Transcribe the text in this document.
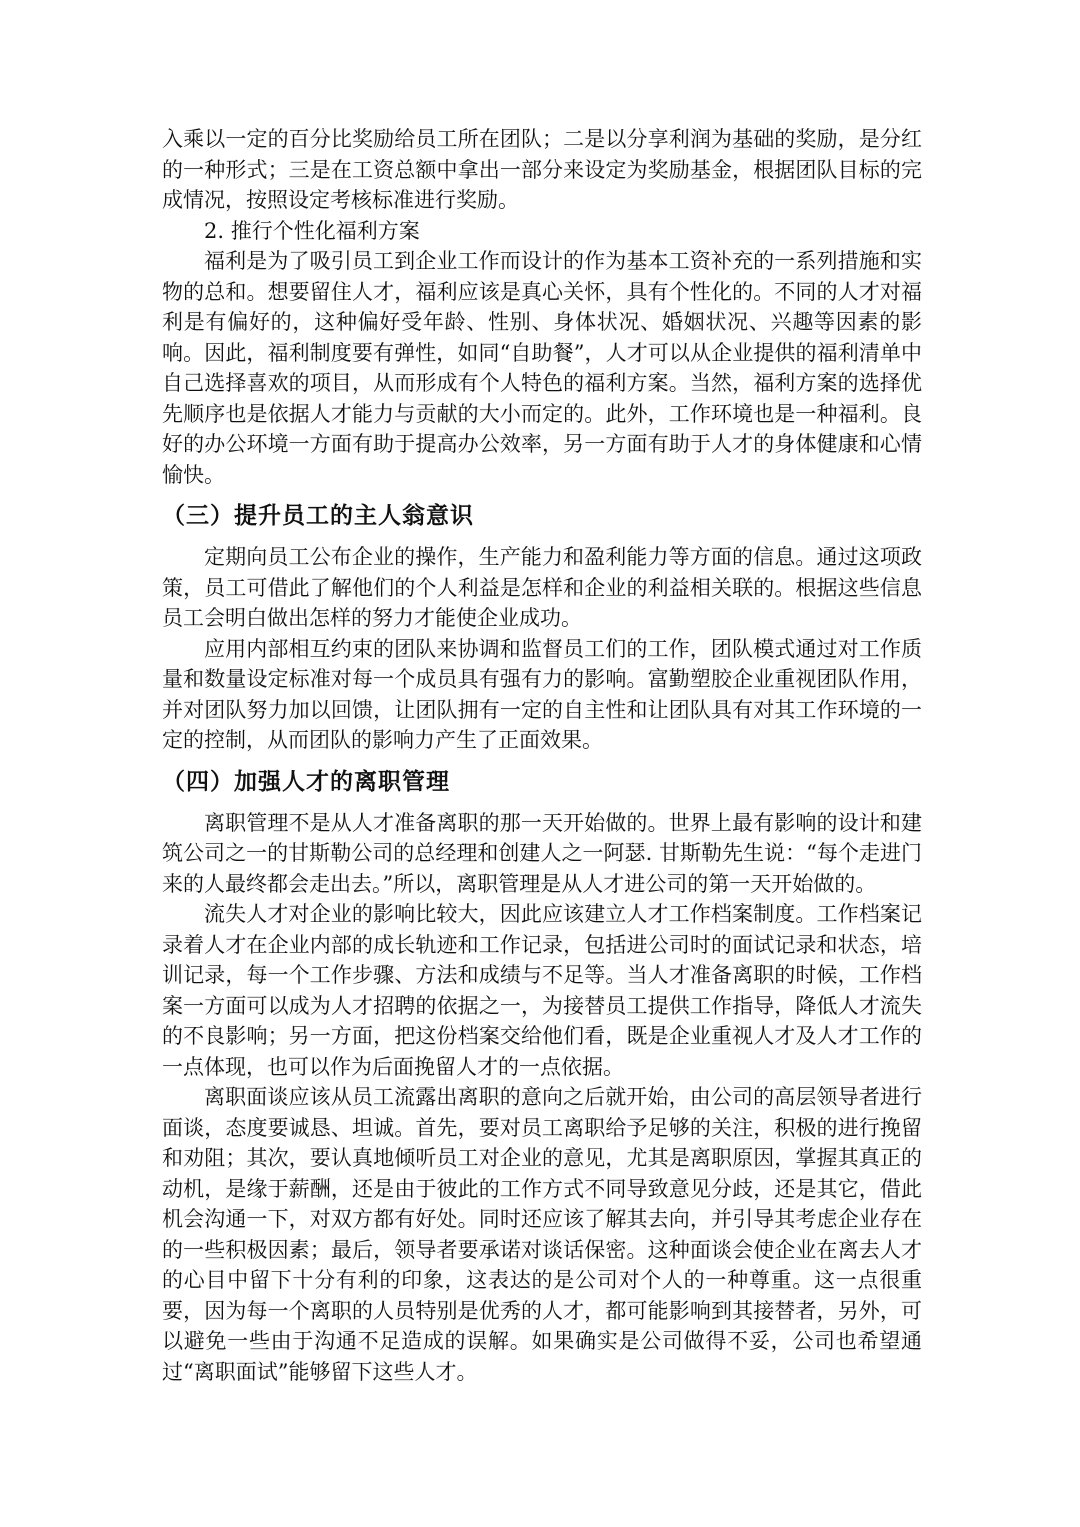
入乘以一定的百分比奖励给员工所在团队；二是以分享利润为基础的奖励，是分红的一种形式；三是在工资总额中拿出一部分来设定为奖励基金，根据团队目标的完成情况，按照设定考核标准进行奖励。

2. 推行个性化福利方案

福利是为了吸引员工到企业工作而设计的作为基本工资补充的一系列措施和实物的总和。想要留住人才，福利应该是真心关怀，具有个性化的。不同的人才对福利是有偏好的，这种偏好受年龄、性别、身体状况、婚姻状况、兴趣等因素的影响。因此，福利制度要有弹性，如同“自助餐”，人才可以从企业提供的福利清单中自己选择喜欢的项目，从而形成有个人特色的福利方案。当然，福利方案的选择优先顺序也是依据人才能力与贡献的大小而定的。此外，工作环境也是一种福利。良好的办公环境一方面有助于提高办公效率，另一方面有助于人才的身体健康和心情愉快。

（三）提升员工的主人翁意识

定期向员工公布企业的操作，生产能力和盈利能力等方面的信息。通过这项政策，员工可借此了解他们的个人利益是怎样和企业的利益相关联的。根据这些信息员工会明白做出怎样的努力才能使企业成功。

应用内部相互约束的团队来协调和监督员工们的工作，团队模式通过对工作质量和数量设定标准对每一个成员具有强有力的影响。富勤塑胶企业重视团队作用，并对团队努力加以回馈，让团队拥有一定的自主性和让团队具有对其工作环境的一定的控制，从而团队的影响力产生了正面效果。

（四）加强人才的离职管理

离职管理不是从人才准备离职的那一天开始做的。世界上最有影响的设计和建筑公司之一的甘斯勒公司的总经理和创建人之一阿瑟. 甘斯勒先生说：“每个走进门来的人最终都会走出去。”所以，离职管理是从人才进公司的第一天开始做的。

流失人才对企业的影响比较大，因此应该建立人才工作档案制度。工作档案记录着人才在企业内部的成长轨迹和工作记录，包括进公司时的面试记录和状态，培训记录，每一个工作步骤、方法和成绩与不足等。当人才准备离职的时候，工作档案一方面可以成为人才招聘的依据之一，为接替员工提供工作指导，降低人才流失的不良影响；另一方面，把这份档案交给他们看，既是企业重视人才及人才工作的一点体现，也可以作为后面挽留人才的一点依据。

离职面谈应该从员工流露出离职的意向之后就开始，由公司的高层领导者进行面谈，态度要诚恳、坦诚。首先，要对员工离职给予足够的关注，积极的进行挽留和劝阻；其次，要认真地倾听员工对企业的意见，尤其是离职原因，掌握其真正的动机，是缘于薪酬，还是由于彼此的工作方式不同导致意见分歧，还是其它，借此机会沟通一下，对双方都有好处。同时还应该了解其去向，并引导其考虑企业存在的一些积极因素；最后，领导者要承诺对谈话保密。这种面谈会使企业在离去人才的心目中留下十分有利的印象，这表达的是公司对个人的一种尊重。这一点很重要，因为每一个离职的人员特别是优秀的人才，都可能影响到其接替者，另外，可以避免一些由于沟通不足造成的误解。如果确实是公司做得不妥，公司也希望通过“离职面试”能够留下这些人才。
